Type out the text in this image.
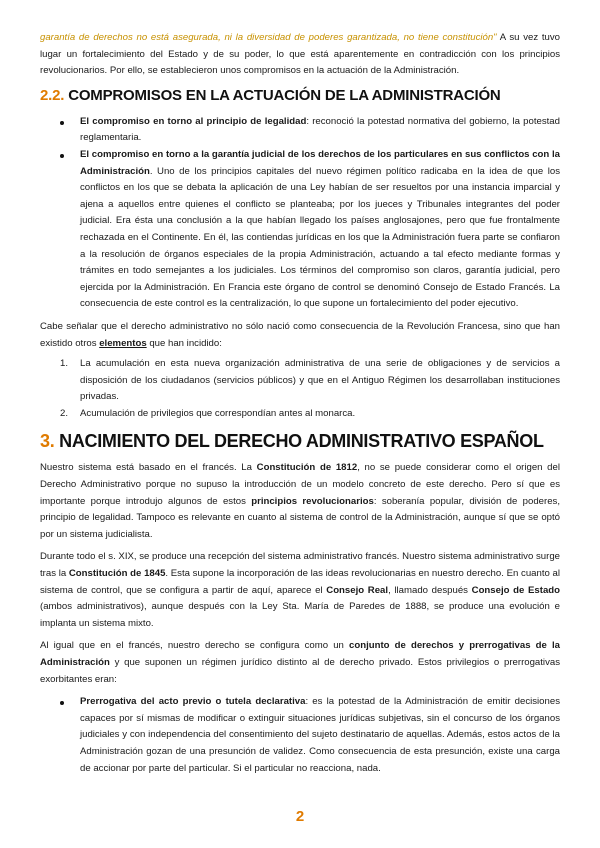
garantía de derechos no está asegurada, ni la diversidad de poderes garantizada, no tiene constitución" A su vez tuvo lugar un fortalecimiento del Estado y de su poder, lo que está aparentemente en contradicción con los principios revolucionarios. Por ello, se establecieron unos compromisos en la actuación de la Administración.

2.2. COMPROMISOS EN LA ACTUACIÓN DE LA ADMINISTRACIÓN

El compromiso en torno al principio de legalidad: reconoció la potestad normativa del gobierno, la potestad reglamentaria.

El compromiso en torno a la garantía judicial de los derechos de los particulares en sus conflictos con la Administración. Uno de los principios capitales del nuevo régimen político radicaba en la idea de que los conflictos en los que se debata la aplicación de una Ley habían de ser resueltos por una instancia imparcial y ajena a aquellos entre quienes el conflicto se planteaba; por los jueces y Tribunales integrantes del poder judicial. Era ésta una conclusión a la que habían llegado los países anglosajones, pero que fue frontalmente rechazada en el Continente. En él, las contiendas jurídicas en los que la Administración fuera parte se confiaron a la resolución de órganos especiales de la propia Administración, actuando a tal efecto mediante formas y trámites en todo semejantes a los judiciales. Los términos del compromiso son claros, garantía judicial, pero ejercida por la Administración. En Francia este órgano de control se denominó Consejo de Estado Francés. La consecuencia de este control es la centralización, lo que supone un fortalecimiento del poder ejecutivo.

Cabe señalar que el derecho administrativo no sólo nació como consecuencia de la Revolución Francesa, sino que han existido otros elementos que han incidido:

1. La acumulación en esta nueva organización administrativa de una serie de obligaciones y de servicios a disposición de los ciudadanos (servicios públicos) y que en el Antiguo Régimen los desarrollaban instituciones privadas.

2. Acumulación de privilegios que correspondían antes al monarca.

3. NACIMIENTO DEL DERECHO ADMINISTRATIVO ESPAÑOL

Nuestro sistema está basado en el francés. La Constitución de 1812, no se puede considerar como el origen del Derecho Administrativo porque no supuso la introducción de un modelo concreto de este derecho. Pero sí que es importante porque introdujo algunos de estos principios revolucionarios: soberanía popular, división de poderes, principio de legalidad. Tampoco es relevante en cuanto al sistema de control de la Administración, aunque sí que se optó por un sistema judicialista.

Durante todo el s. XIX, se produce una recepción del sistema administrativo francés. Nuestro sistema administrativo surge tras la Constitución de 1845. Esta supone la incorporación de las ideas revolucionarias en nuestro derecho. En cuanto al sistema de control, que se configura a partir de aquí, aparece el Consejo Real, llamado después Consejo de Estado (ambos administrativos), aunque después con la Ley Sta. María de Paredes de 1888, se produce una evolución e implanta un sistema mixto.

Al igual que en el francés, nuestro derecho se configura como un conjunto de derechos y prerrogativas de la Administración y que suponen un régimen jurídico distinto al de derecho privado. Estos privilegios o prerrogativas exorbitantes eran:

Prerrogativa del acto previo o tutela declarativa: es la potestad de la Administración de emitir decisiones capaces por sí mismas de modificar o extinguir situaciones jurídicas subjetivas, sin el concurso de los órganos judiciales y con independencia del consentimiento del sujeto destinatario de aquellas. Además, estos actos de la Administración gozan de una presunción de validez. Como consecuencia de esta presunción, existe una carga de accionar por parte del particular. Si el particular no reacciona, nada.

2
